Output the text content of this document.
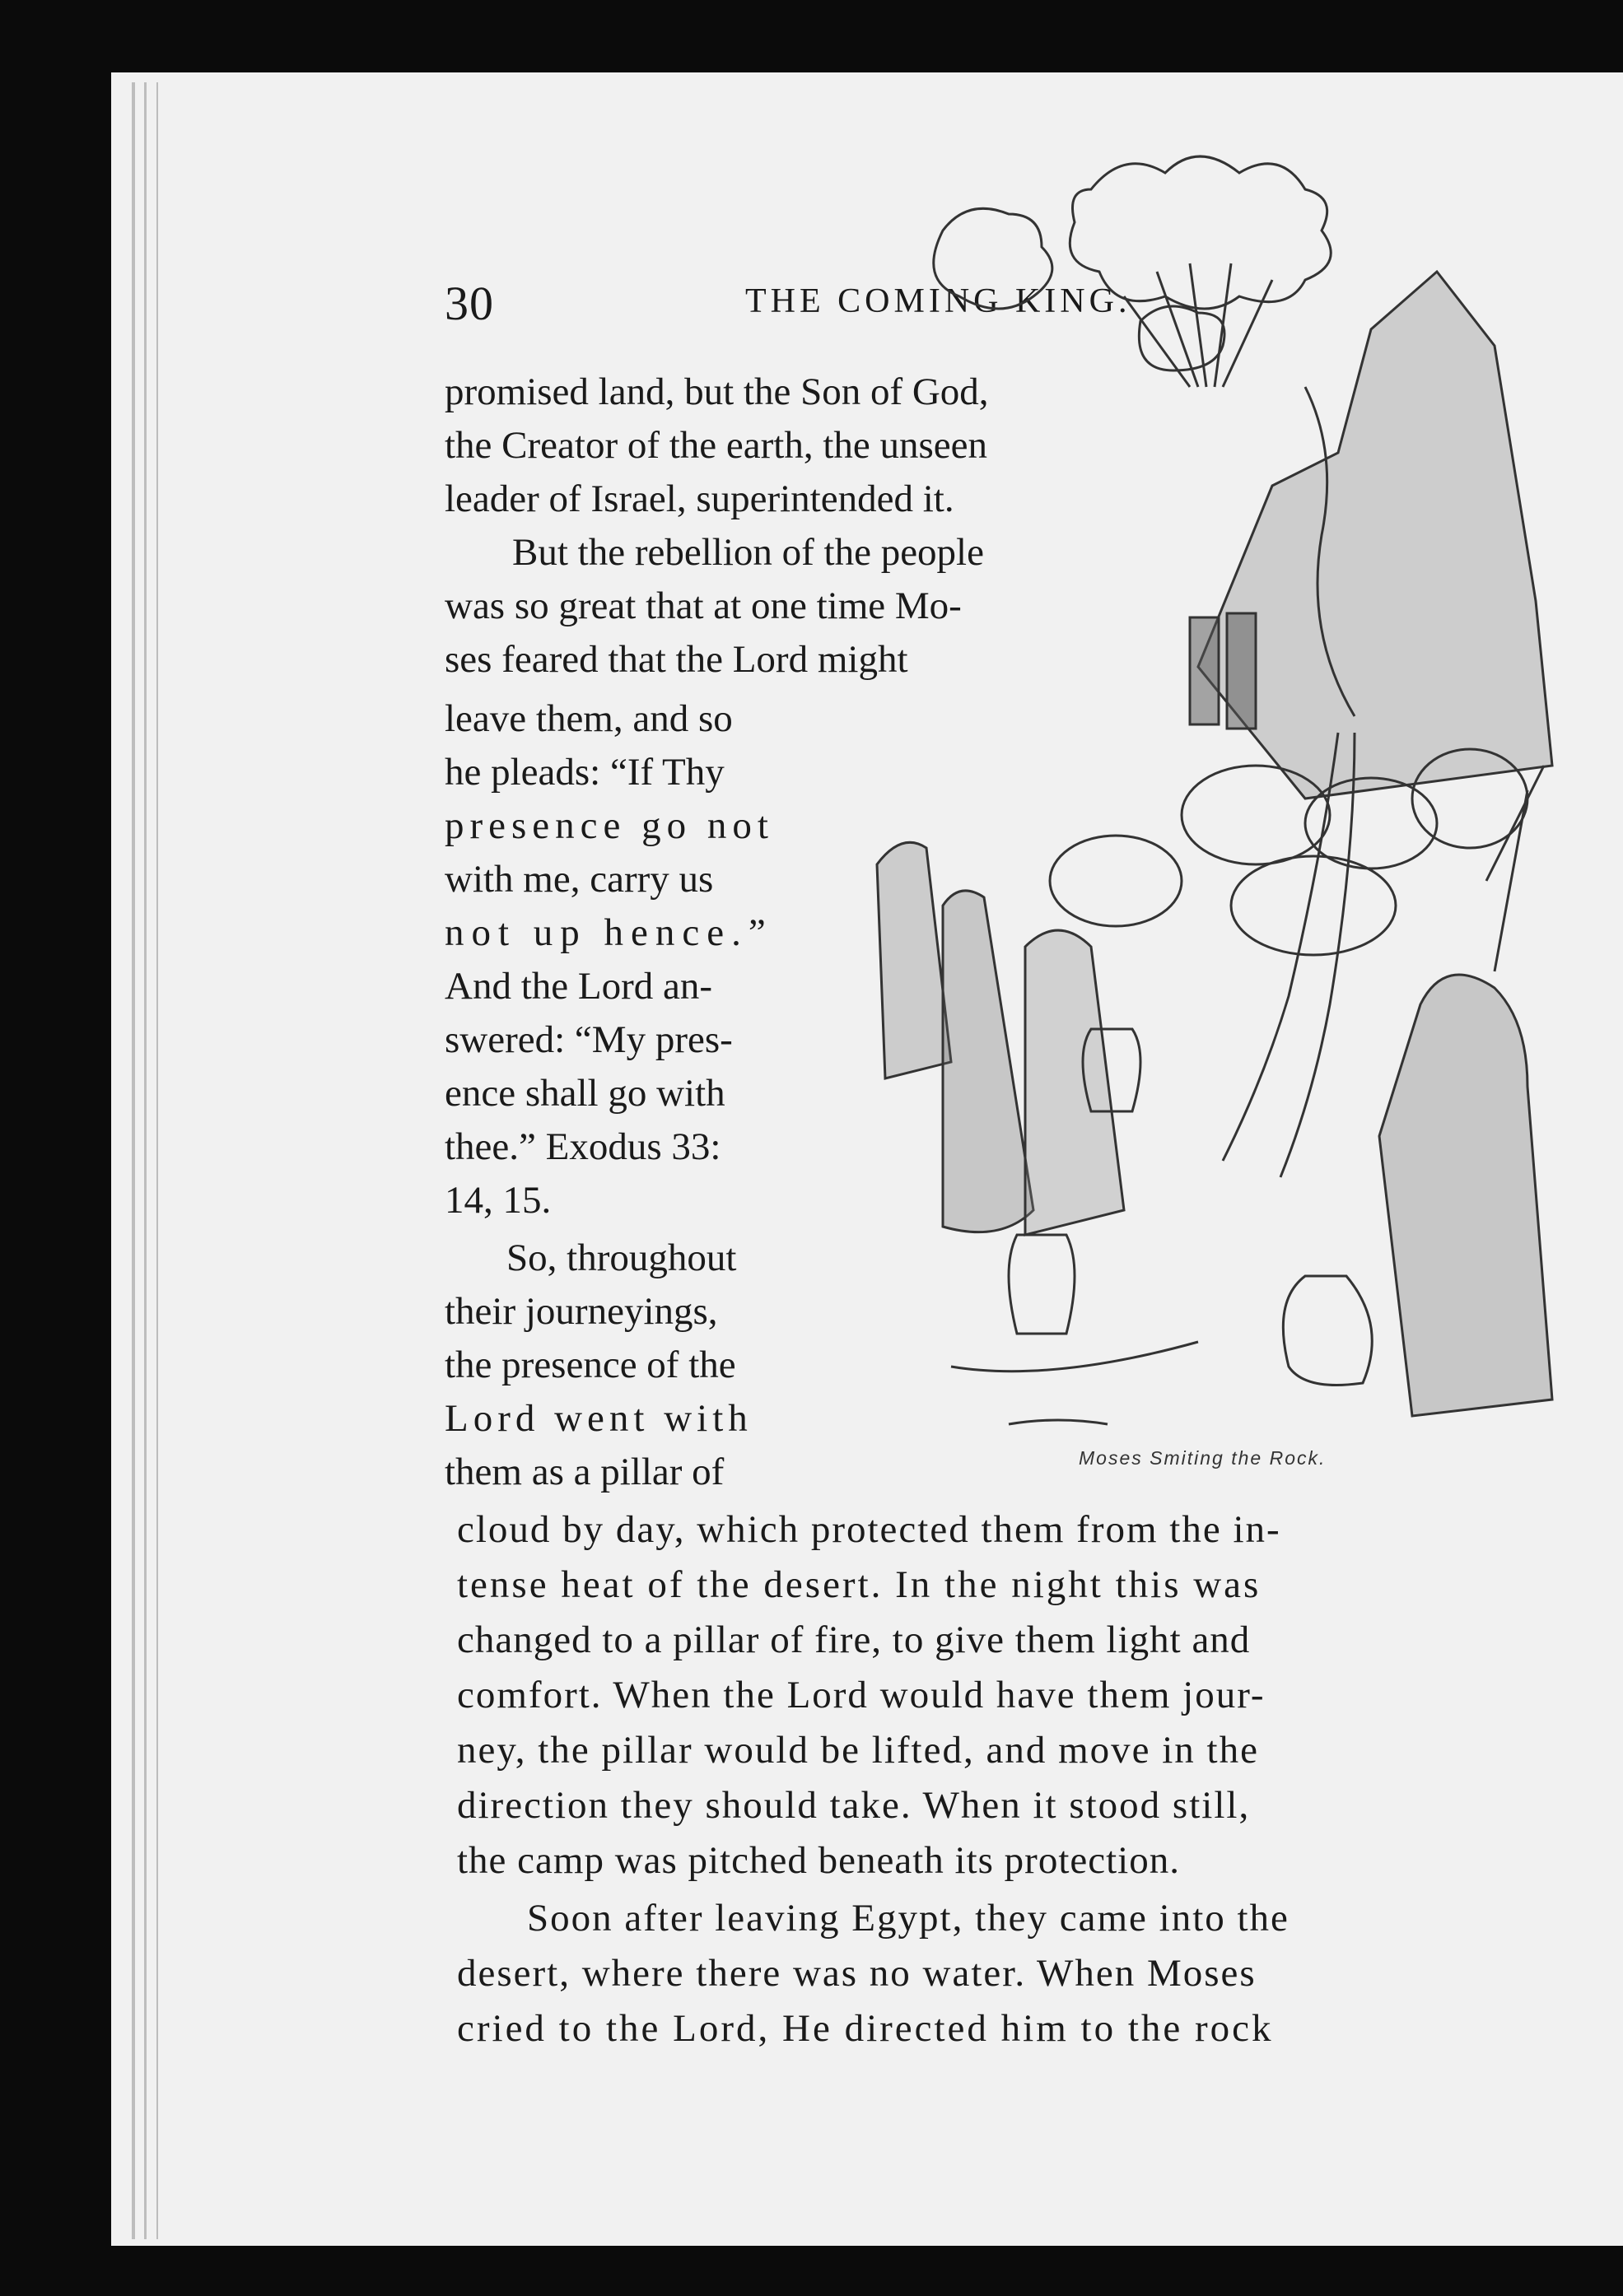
30	THE COMING KING.
Moses Smiting the Rock.
promised land, but the Son of God,
the Creator of the earth, the unseen
leader of Israel, superintended it.
But the rebellion of the people
was so great that at one time Mo-
ses feared that the Lord might
leave them, and so
he pleads: “If Thy
presence go not
with me, carry us
not up hence.”
And the Lord an-
swered: “My pres-
ence shall go with
thee.” Exodus 33:
14, 15.
So, throughout
their journeyings,
the presence of the
Lord went with
them as a pillar of
cloud by day, which protected them from the in-
tense heat of the desert. In the night this was
changed to a pillar of fire, to give them light and
comfort. When the Lord would have them jour-
ney, the pillar would be lifted, and move in the
direction they should take. When it stood still,
the camp was pitched beneath its protection.
Soon after leaving Egypt, they came into the
desert, where there was no water. When Moses
cried to the Lord, He directed him to the rock
